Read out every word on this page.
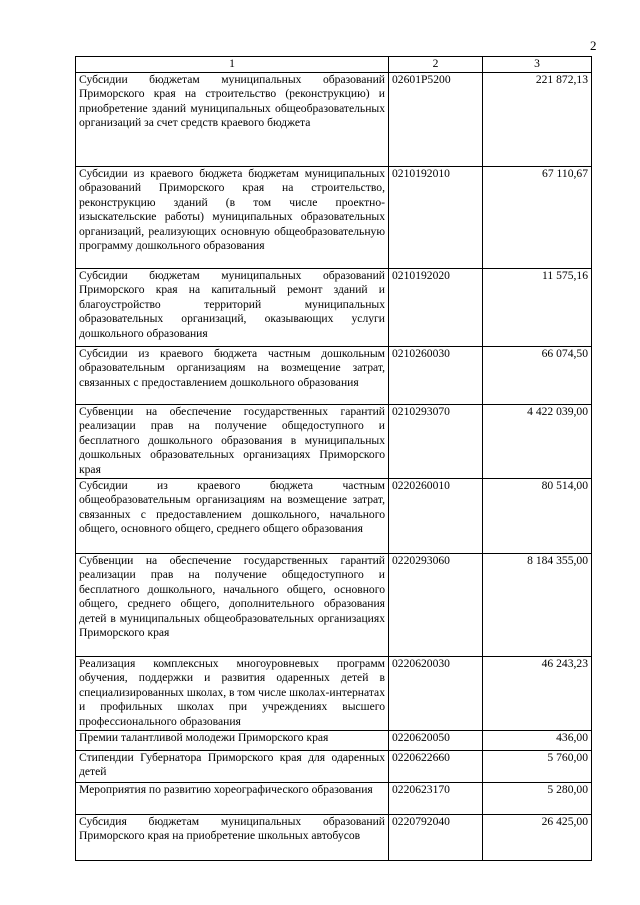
2
1	2	3
Субсидии бюджетам муниципальных образований Приморского края на строительство (реконструкцию) и приобретение зданий муниципальных общеобразовательных организаций за счет средств краевого бюджета	02601P5200	221 872,13
Субсидии из краевого бюджета бюджетам муниципальных образований Приморского края на строительство, реконструкцию зданий (в том числе проектно-изыскательские работы) муниципальных образовательных организаций, реализующих основную общеобразовательную программу дошкольного образования	0210192010	67 110,67
Субсидии бюджетам муниципальных образований Приморского края на капитальный ремонт зданий и благоустройство территорий муниципальных образовательных организаций, оказывающих услуги дошкольного образования	0210192020	11 575,16
Субсидии из краевого бюджета частным дошкольным образовательным организациям на возмещение затрат, связанных с предоставлением дошкольного образования	0210260030	66 074,50
Субвенции на обеспечение государственных гарантий реализации прав на получение общедоступного и бесплатного дошкольного образования в муниципальных дошкольных образовательных организациях Приморского края	0210293070	4 422 039,00
Субсидии из краевого бюджета частным общеобразовательным организациям на возмещение затрат, связанных с предоставлением дошкольного, начального общего, основного общего, среднего общего образования	0220260010	80 514,00
Субвенции на обеспечение государственных гарантий реализации прав на получение общедоступного и бесплатного дошкольного, начального общего, основного общего, среднего общего, дополнительного образования детей в муниципальных общеобразовательных организациях Приморского края	0220293060	8 184 355,00
Реализация комплексных многоуровневых программ обучения, поддержки и развития одаренных детей в специализированных школах, в том числе школах-интернатах и профильных школах при учреждениях высшего профессионального образования	0220620030	46 243,23
Премии талантливой молодежи Приморского края	0220620050	436,00
Стипендии Губернатора Приморского края для одаренных детей	0220622660	5 760,00
Мероприятия по развитию хореографического образования	0220623170	5 280,00
Субсидия бюджетам муниципальных образований Приморского края на приобретение школьных автобусов	0220792040	26 425,00
